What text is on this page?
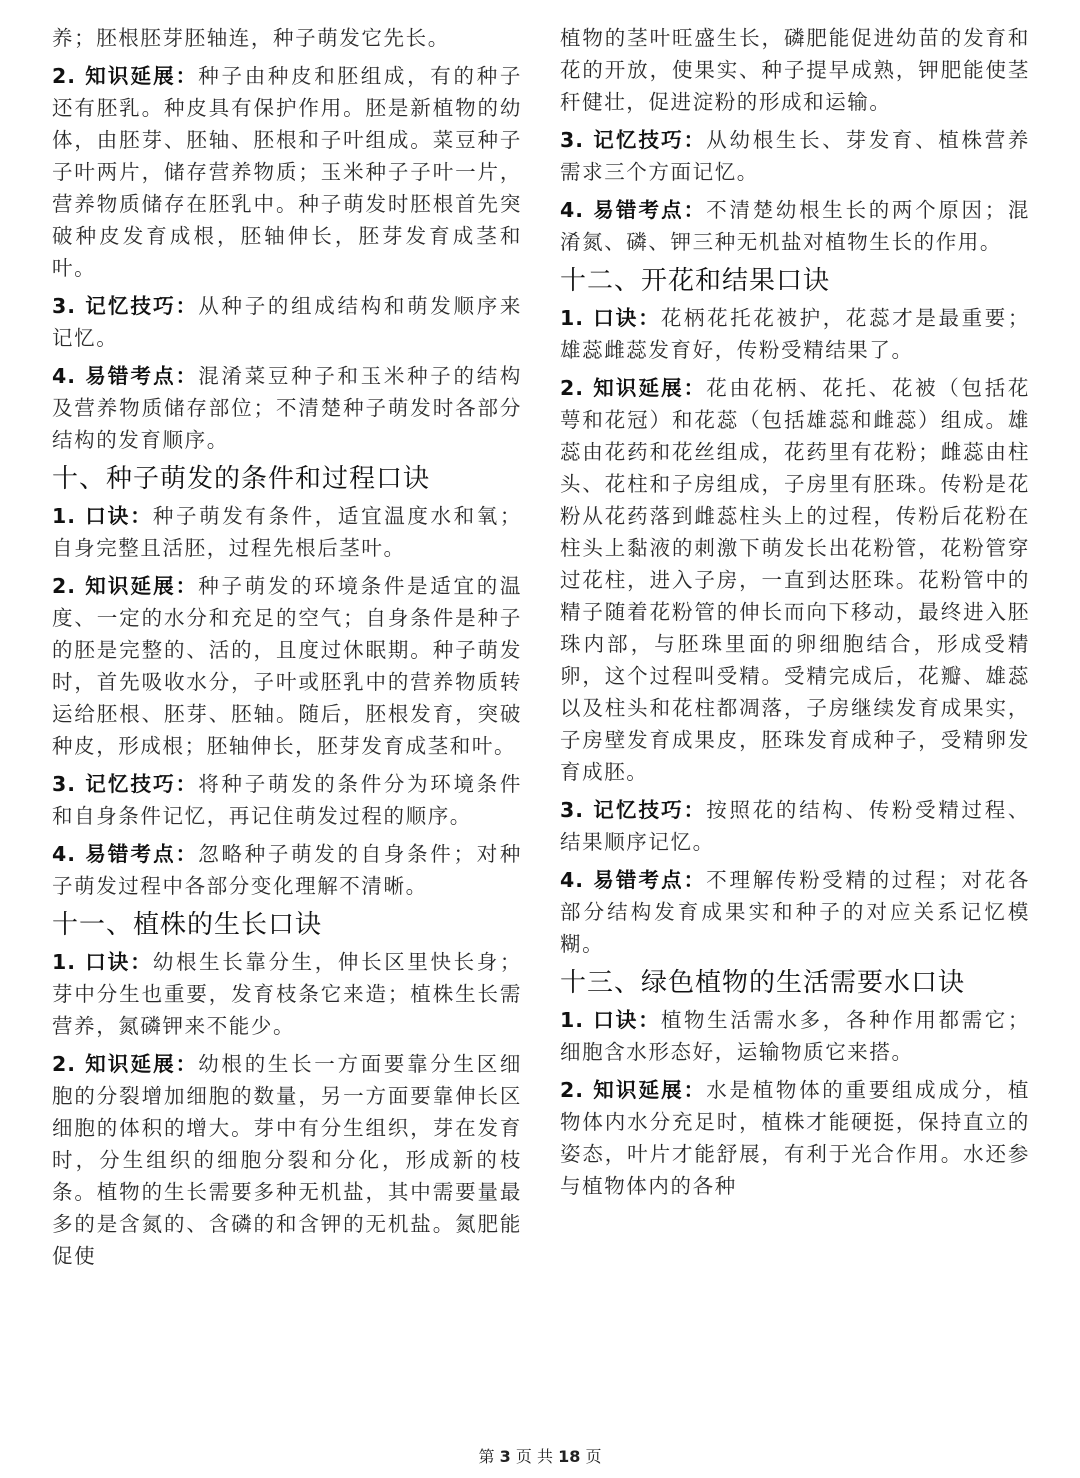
养；胚根胚芽胚轴连，种子萌发它先长。
2. 知识延展：种子由种皮和胚组成，有的种子还有胚乳。种皮具有保护作用。胚是新植物的幼体，由胚芽、胚轴、胚根和子叶组成。菜豆种子子叶两片，储存营养物质；玉米种子子叶一片，营养物质储存在胚乳中。种子萌发时胚根首先突破种皮发育成根，胚轴伸长，胚芽发育成茎和叶。
3. 记忆技巧：从种子的组成结构和萌发顺序来记忆。
4. 易错考点：混淆菜豆种子和玉米种子的结构及营养物质储存部位；不清楚种子萌发时各部分结构的发育顺序。
十、种子萌发的条件和过程口诀
1. 口诀：种子萌发有条件，适宜温度水和氧；自身完整且活胚，过程先根后茎叶。
2. 知识延展：种子萌发的环境条件是适宜的温度、一定的水分和充足的空气；自身条件是种子的胚是完整的、活的，且度过休眠期。种子萌发时，首先吸收水分，子叶或胚乳中的营养物质转运给胚根、胚芽、胚轴。随后，胚根发育，突破种皮，形成根；胚轴伸长，胚芽发育成茎和叶。
3. 记忆技巧：将种子萌发的条件分为环境条件和自身条件记忆，再记住萌发过程的顺序。
4. 易错考点：忽略种子萌发的自身条件；对种子萌发过程中各部分变化理解不清晰。
十一、植株的生长口诀
1. 口诀：幼根生长靠分生，伸长区里快长身；芽中分生也重要，发育枝条它来造；植株生长需营养，氮磷钾来不能少。
2. 知识延展：幼根的生长一方面要靠分生区细胞的分裂增加细胞的数量，另一方面要靠伸长区细胞的体积的增大。芽中有分生组织，芽在发育时，分生组织的细胞分裂和分化，形成新的枝条。植物的生长需要多种无机盐，其中需要量最多的是含氮的、含磷的和含钾的无机盐。氮肥能促使
植物的茎叶旺盛生长，磷肥能促进幼苗的发育和花的开放，使果实、种子提早成熟，钾肥能使茎秆健壮，促进淀粉的形成和运输。
3. 记忆技巧：从幼根生长、芽发育、植株营养需求三个方面记忆。
4. 易错考点：不清楚幼根生长的两个原因；混淆氮、磷、钾三种无机盐对植物生长的作用。
十二、开花和结果口诀
1. 口诀：花柄花托花被护，花蕊才是最重要；雄蕊雌蕊发育好，传粉受精结果了。
2. 知识延展：花由花柄、花托、花被（包括花萼和花冠）和花蕊（包括雄蕊和雌蕊）组成。雄蕊由花药和花丝组成，花药里有花粉；雌蕊由柱头、花柱和子房组成，子房里有胚珠。传粉是花粉从花药落到雌蕊柱头上的过程，传粉后花粉在柱头上黏液的刺激下萌发长出花粉管，花粉管穿过花柱，进入子房，一直到达胚珠。花粉管中的精子随着花粉管的伸长而向下移动，最终进入胚珠内部，与胚珠里面的卵细胞结合，形成受精卵，这个过程叫受精。受精完成后，花瓣、雄蕊以及柱头和花柱都凋落，子房继续发育成果实，子房壁发育成果皮，胚珠发育成种子，受精卵发育成胚。
3. 记忆技巧：按照花的结构、传粉受精过程、结果顺序记忆。
4. 易错考点：不理解传粉受精的过程；对花各部分结构发育成果实和种子的对应关系记忆模糊。
十三、绿色植物的生活需要水口诀
1. 口诀：植物生活需水多，各种作用都需它；细胞含水形态好，运输物质它来搭。
2. 知识延展：水是植物体的重要组成成分，植物体内水分充足时，植株才能硬挺，保持直立的姿态，叶片才能舒展，有利于光合作用。水还参与植物体内的各种
第 3 页 共 18 页
